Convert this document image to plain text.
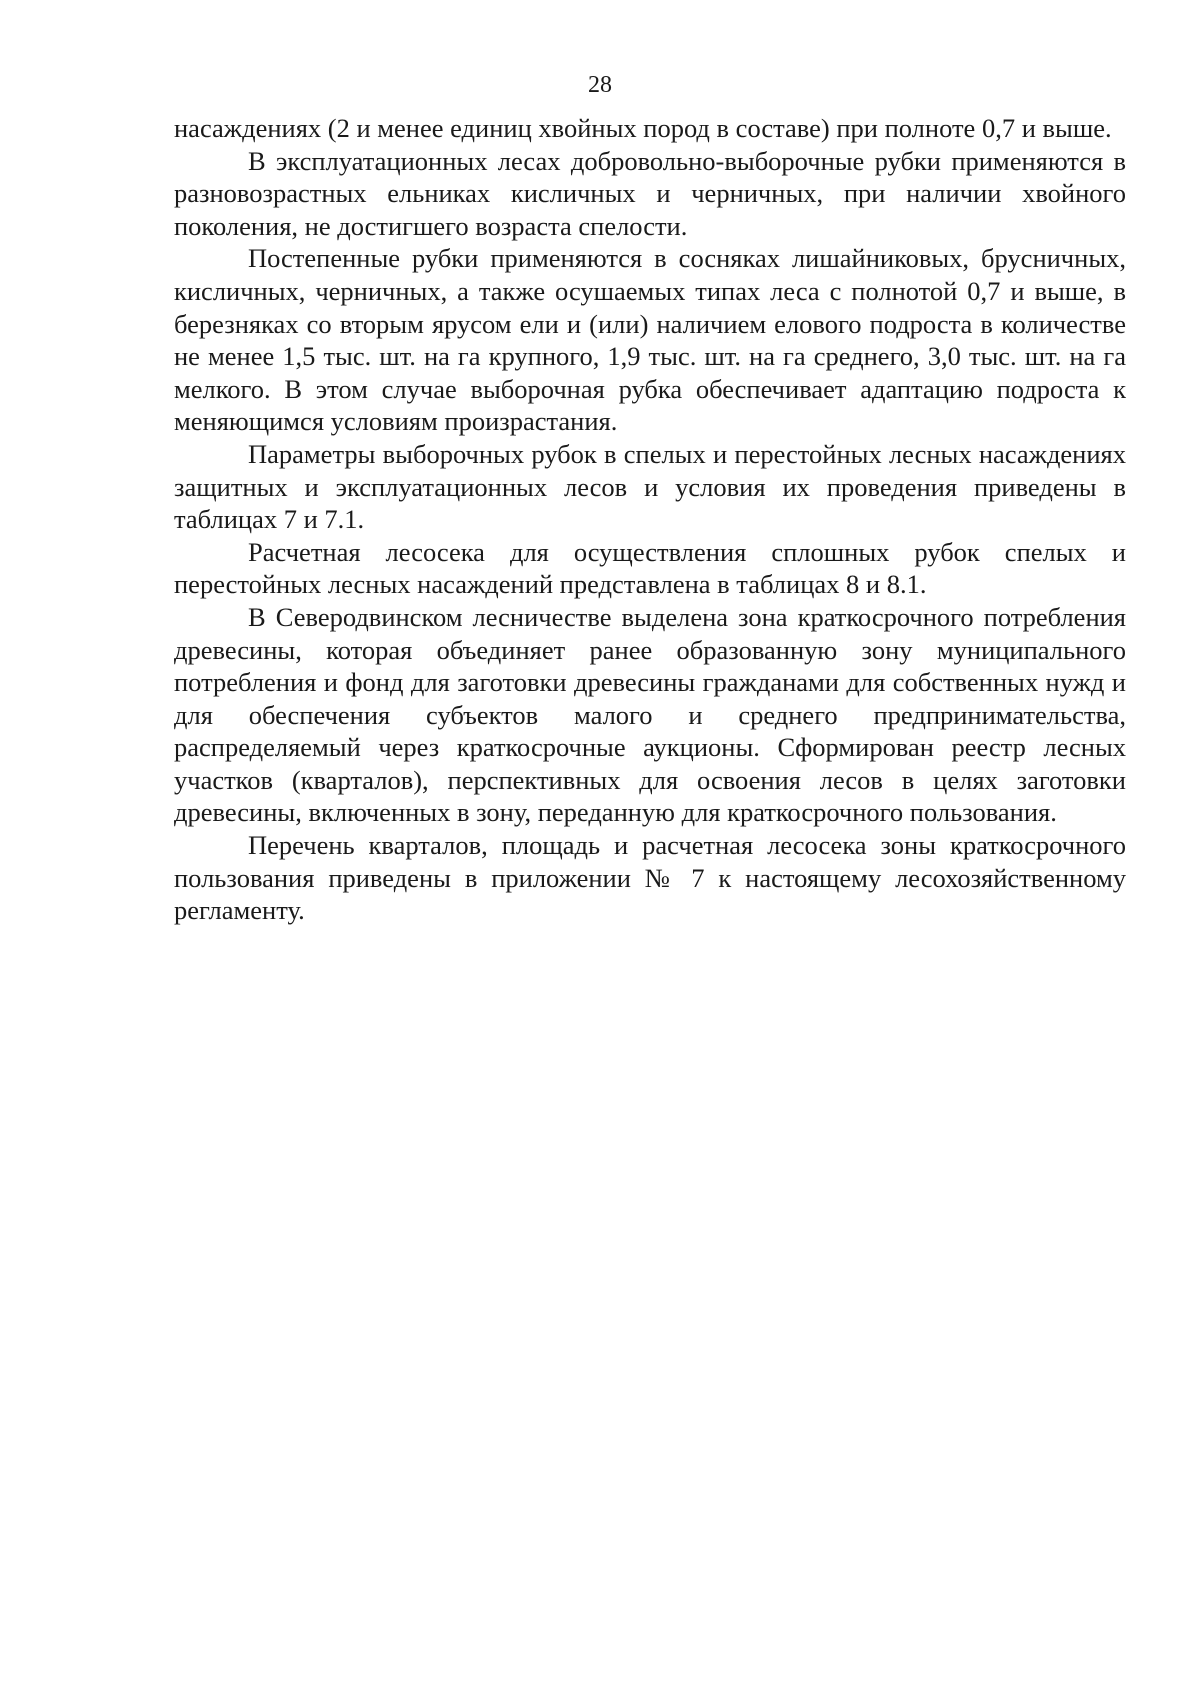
28

насаждениях (2 и менее единиц хвойных пород в составе) при полноте 0,7 и выше.

В эксплуатационных лесах добровольно-выборочные рубки применяются в разновозрастных ельниках кисличных и черничных, при наличии хвойного поколения, не достигшего возраста спелости.

Постепенные рубки применяются в сосняках лишайниковых, брусничных, кисличных, черничных, а также осушаемых типах леса с полнотой 0,7 и выше, в березняках со вторым ярусом ели и (или) наличием елового подроста в количестве не менее 1,5 тыс. шт. на га крупного, 1,9 тыс. шт. на га среднего, 3,0 тыс. шт. на га мелкого. В этом случае выборочная рубка обеспечивает адаптацию подроста к меняющимся условиям произрастания.

Параметры выборочных рубок в спелых и перестойных лесных насаждениях защитных и эксплуатационных лесов и условия их проведения приведены в таблицах 7 и 7.1.

Расчетная лесосека для осуществления сплошных рубок спелых и перестойных лесных насаждений представлена в таблицах 8 и 8.1.

В Северодвинском лесничестве выделена зона краткосрочного потребления древесины, которая объединяет ранее образованную зону муниципального потребления и фонд для заготовки древесины гражданами для собственных нужд и для обеспечения субъектов малого и среднего предпринимательства, распределяемый через краткосрочные аукционы. Сформирован реестр лесных участков (кварталов), перспективных для освоения лесов в целях заготовки древесины, включенных в зону, переданную для краткосрочного пользования.

Перечень кварталов, площадь и расчетная лесосека зоны краткосрочного пользования приведены в приложении № 7 к настоящему лесохозяйственному регламенту.
